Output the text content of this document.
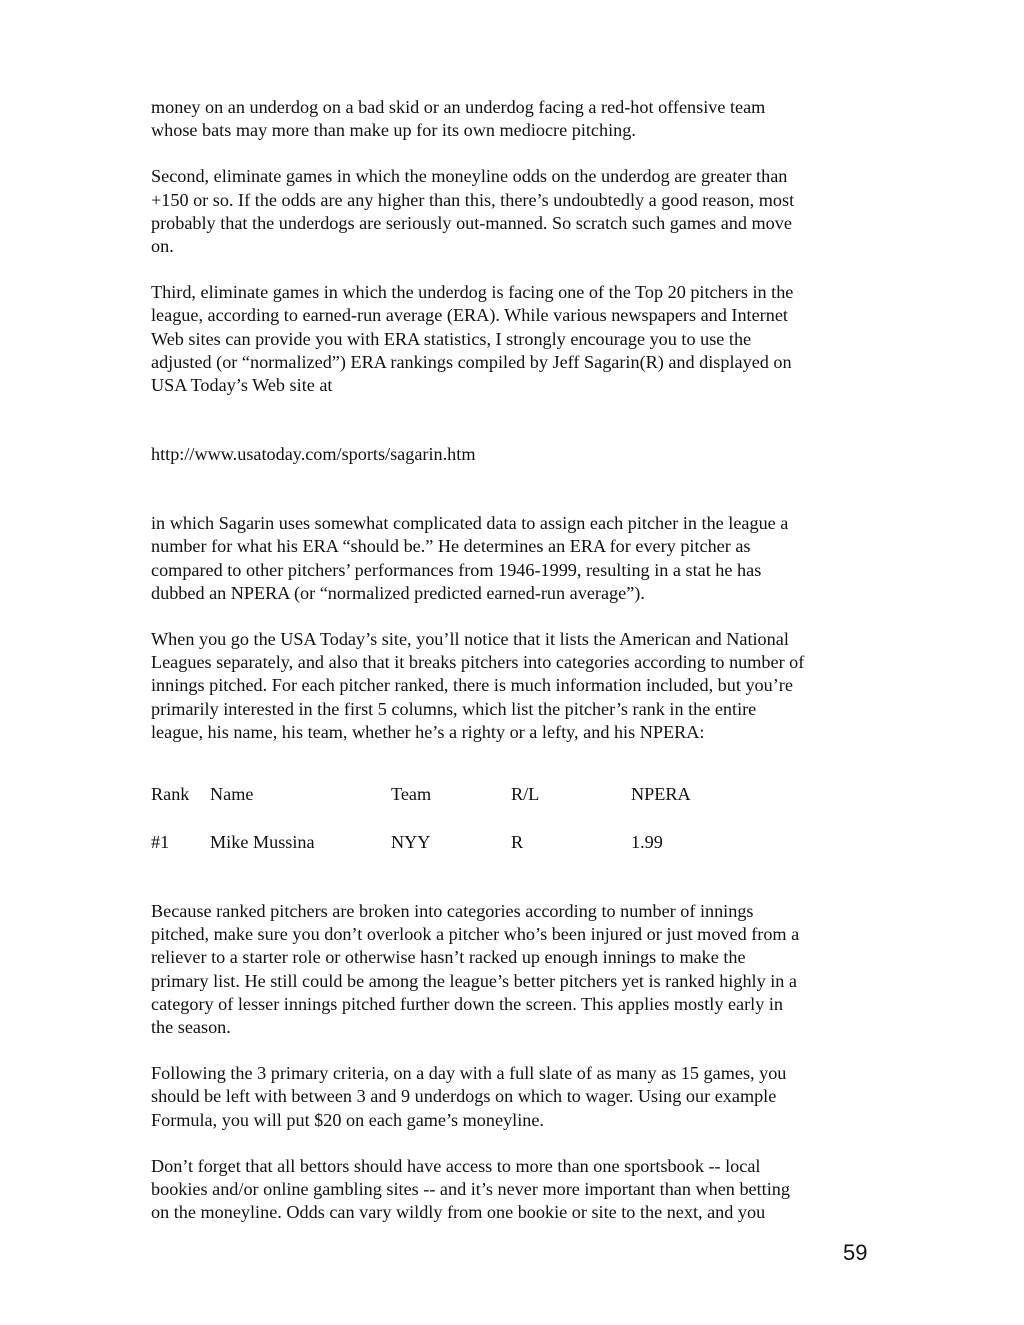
money on an underdog on a bad skid or an underdog facing a red-hot offensive team
whose bats may more than make up for its own mediocre pitching.
Second, eliminate games in which the moneyline odds on the underdog are greater than
+150 or so. If the odds are any higher than this, there’s undoubtedly a good reason, most
probably that the underdogs are seriously out-manned. So scratch such games and move
on.
Third, eliminate games in which the underdog is facing one of the Top 20 pitchers in the
league, according to earned-run average (ERA). While various newspapers and Internet
Web sites can provide you with ERA statistics, I strongly encourage you to use the
adjusted (or “normalized”) ERA rankings compiled by Jeff Sagarin(R) and displayed on
USA Today’s Web site at
http://www.usatoday.com/sports/sagarin.htm
in which Sagarin uses somewhat complicated data to assign each pitcher in the league a
number for what his ERA “should be.” He determines an ERA for every pitcher as
compared to other pitchers’ performances from 1946-1999, resulting in a stat he has
dubbed an NPERA (or “normalized predicted earned-run average”).
When you go the USA Today’s site, you’ll notice that it lists the American and National
Leagues separately, and also that it breaks pitchers into categories according to number of
innings pitched. For each pitcher ranked, there is much information included, but you’re
primarily interested in the first 5 columns, which list the pitcher’s rank in the entire
league, his name, his team, whether he’s a righty or a lefty, and his NPERA:
Rank Name	Team	R/L	NPERA
#1 Mike Mussina	NYY	R	1.99
Because ranked pitchers are broken into categories according to number of innings
pitched, make sure you don’t overlook a pitcher who’s been injured or just moved from a
reliever to a starter role or otherwise hasn’t racked up enough innings to make the
primary list. He still could be among the league’s better pitchers yet is ranked highly in a
category of lesser innings pitched further down the screen. This applies mostly early in
the season.
Following the 3 primary criteria, on a day with a full slate of as many as 15 games, you
should be left with between 3 and 9 underdogs on which to wager. Using our example
Formula, you will put $20 on each game’s moneyline.
Don’t forget that all bettors should have access to more than one sportsbook -- local
bookies and/or online gambling sites -- and it’s never more important than when betting
on the moneyline. Odds can vary wildly from one bookie or site to the next, and you
59
